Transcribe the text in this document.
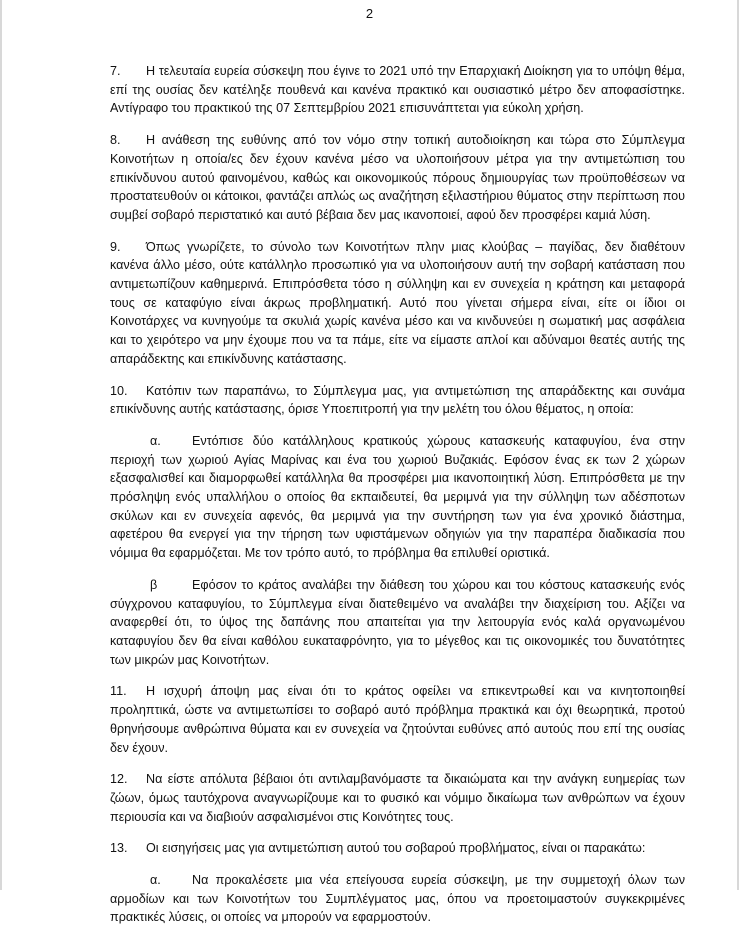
2

7. Η τελευταία ευρεία σύσκεψη που έγινε το 2021 υπό την Επαρχιακή Διοίκηση για το υπόψη θέμα, επί της ουσίας δεν κατέληξε πουθενά και κανένα πρακτικό και ουσιαστικό μέτρο δεν αποφασίστηκε. Αντίγραφο του πρακτικού της 07 Σεπτεμβρίου 2021 επισυνάπτεται για εύκολη χρήση.

8. Η ανάθεση της ευθύνης από τον νόμο στην τοπική αυτοδιοίκηση και τώρα στο Σύμπλεγμα Κοινοτήτων η οποία/ες δεν έχουν κανένα μέσο να υλοποιήσουν μέτρα για την αντιμετώπιση του επικίνδυνου αυτού φαινομένου, καθώς και οικονομικούς πόρους δημιουργίας των προϋποθέσεων να προστατευθούν οι κάτοικοι, φαντάζει απλώς ως αναζήτηση εξιλαστήριου θύματος στην περίπτωση που συμβεί σοβαρό περιστατικό και αυτό βέβαια δεν μας ικανοποιεί, αφού δεν προσφέρει καμιά λύση.

9. Όπως γνωρίζετε, το σύνολο των Κοινοτήτων πλην μιας κλούβας – παγίδας, δεν διαθέτουν κανένα άλλο μέσο, ούτε κατάλληλο προσωπικό για να υλοποιήσουν αυτή την σοβαρή κατάσταση που αντιμετωπίζουν καθημερινά. Επιπρόσθετα τόσο η σύλληψη και εν συνεχεία η κράτηση και μεταφορά τους σε καταφύγιο είναι άκρως προβληματική. Αυτό που γίνεται σήμερα είναι, είτε οι ίδιοι οι Κοινοτάρχες να κυνηγούμε τα σκυλιά χωρίς κανένα μέσο και να κινδυνεύει η σωματική μας ασφάλεια και το χειρότερο να μην έχουμε που να τα πάμε, είτε να είμαστε απλοί και αδύναμοι θεατές αυτής της απαράδεκτης και επικίνδυνης κατάστασης.

10. Κατόπιν των παραπάνω, το Σύμπλεγμα μας, για αντιμετώπιση της απαράδεκτης και συνάμα επικίνδυνης αυτής κατάστασης, όρισε Υποεπιτροπή για την μελέτη του όλου θέματος, η οποία:

α. Εντόπισε δύο κατάλληλους κρατικούς χώρους κατασκευής καταφυγίου, ένα στην περιοχή των χωριού Αγίας Μαρίνας και ένα του χωριού Βυζακιάς. Εφόσον ένας εκ των 2 χώρων εξασφαλισθεί και διαμορφωθεί κατάλληλα θα προσφέρει μια ικανοποιητική λύση. Επιπρόσθετα με την πρόσληψη ενός υπαλλήλου ο οποίος θα εκπαιδευτεί, θα μεριμνά για την σύλληψη των αδέσποτων σκύλων και εν συνεχεία αφενός, θα μεριμνά για την συντήρηση των για ένα χρονικό διάστημα, αφετέρου θα ενεργεί για την τήρηση των υφιστάμενων οδηγιών για την παραπέρα διαδικασία που νόμιμα θα εφαρμόζεται. Με τον τρόπο αυτό, το πρόβλημα θα επιλυθεί οριστικά.

β	Εφόσον το κράτος αναλάβει την διάθεση του χώρου και του κόστους κατασκευής ενός σύγχρονου καταφυγίου, το Σύμπλεγμα είναι διατεθειμένο να αναλάβει την διαχείριση του. Αξίζει να αναφερθεί ότι, το ύψος της δαπάνης που απαιτείται για την λειτουργία ενός καλά οργανωμένου καταφυγίου δεν θα είναι καθόλου ευκαταφρόνητο, για το μέγεθος και τις οικονομικές του δυνατότητες των μικρών μας Κοινοτήτων.

11. Η ισχυρή άποψη μας είναι ότι το κράτος οφείλει να επικεντρωθεί και να κινητοποιηθεί προληπτικά, ώστε να αντιμετωπίσει το σοβαρό αυτό πρόβλημα πρακτικά και όχι θεωρητικά, προτού θρηνήσουμε ανθρώπινα θύματα και εν συνεχεία να ζητούνται ευθύνες από αυτούς που επί της ουσίας δεν έχουν.

12. Να είστε απόλυτα βέβαιοι ότι αντιλαμβανόμαστε τα δικαιώματα και την ανάγκη ευημερίας των ζώων, όμως ταυτόχρονα αναγνωρίζουμε και το φυσικό και νόμιμο δικαίωμα των ανθρώπων να έχουν περιουσία και να διαβιούν ασφαλισμένοι στις Κοινότητες τους.

13. Οι εισηγήσεις μας για αντιμετώπιση αυτού του σοβαρού προβλήματος, είναι οι παρακάτω:

α. Να προκαλέσετε μια νέα επείγουσα ευρεία σύσκεψη, με την συμμετοχή όλων των αρμοδίων και των Κοινοτήτων του Συμπλέγματος μας, όπου να προετοιμαστούν συγκεκριμένες πρακτικές λύσεις, οι οποίες να μπορούν να εφαρμοστούν.
